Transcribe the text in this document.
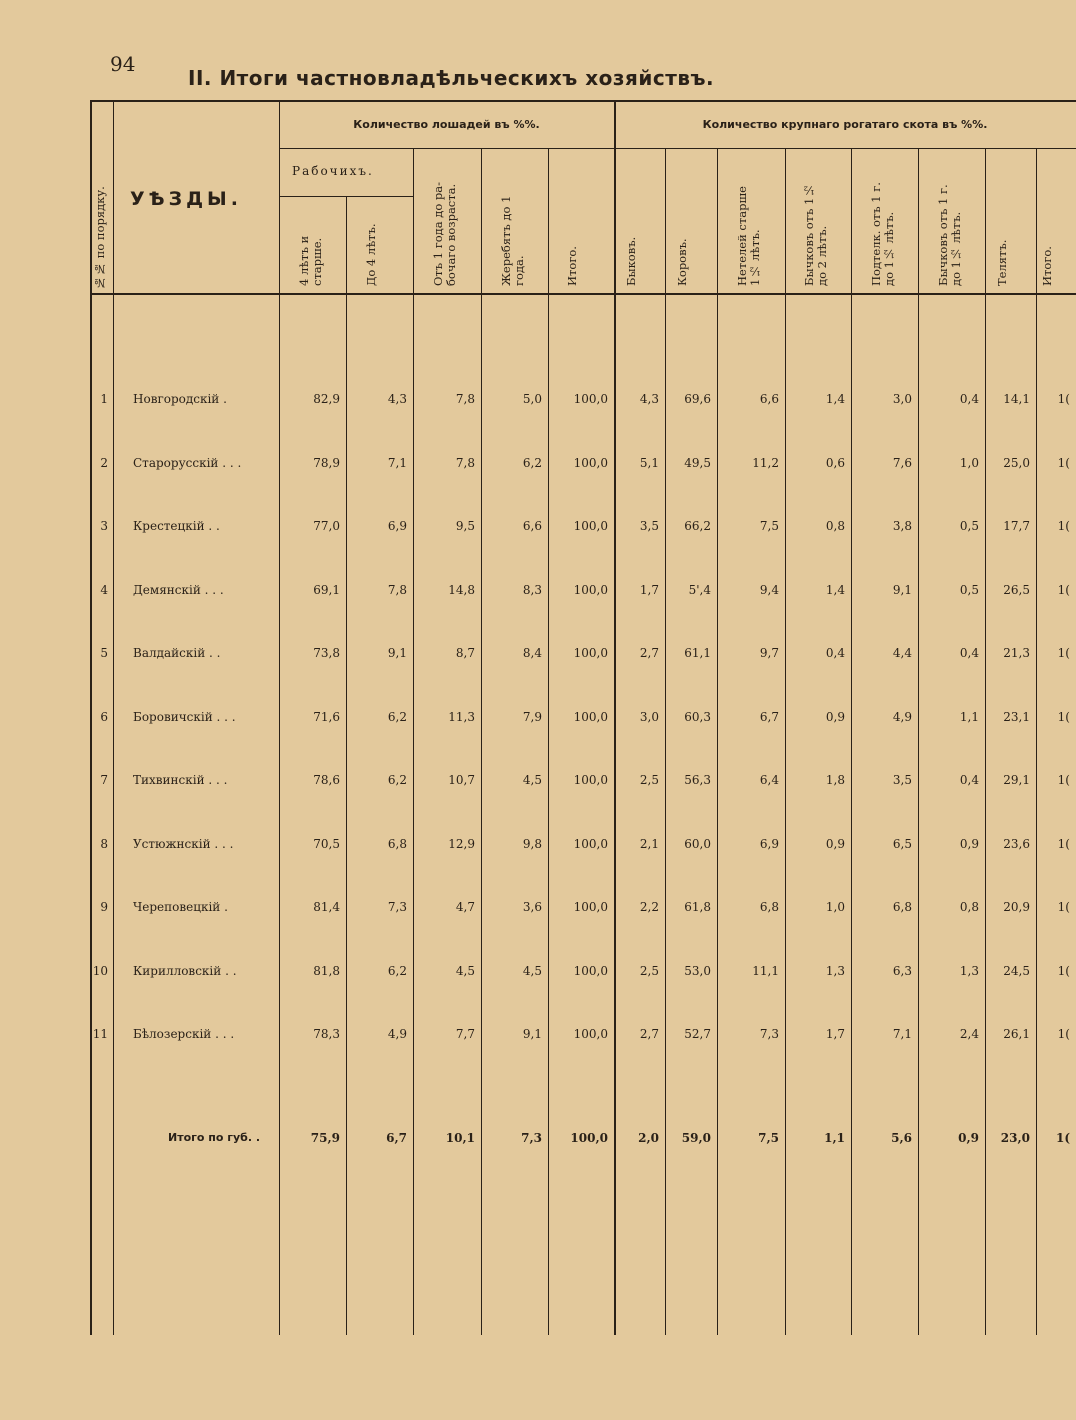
94
II. Итоги частновладѣльческихъ хозяйствъ.
Количество лошадей въ %%.	Количество крупнаго рогатаго скота въ %%.
Рабочихъ.
УѢЗДЫ.
№№ по порядку.	4 лѣтъ и
старше.	До 4 лѣтъ.	Отъ 1 года до ра-
бочаго возраста.
Жеребятъ до 1
года.	Итого.	Быковъ.	Коровъ.	Нетелей старше
1½ лѣтъ.	Бычковъ отъ 1½
до 2 лѣтъ.	Подтелк. отъ 1 г.
до 1½ лѣтъ.
Бычковъ отъ 1 г.
до 1½ лѣтъ.
Телятъ.	Итого.
1 Новгородскій .	82,9	4,3	7,8	5,0	100,0	4,3	69,6	6,6	1,4	3,0	0,4	14,1	1(
2 Старорусскій . . .	78,9	7,1	7,8	6,2	100,0	5,1	49,5	11,2	0,6	7,6	1,0	25,0	1(
3 Крестецкій . .	77,0	6,9	9,5	6,6	100,0	3,5	66,2	7,5	0,8	3,8	0,5	17,7	1(
4 Демянскій . . .	69,1	7,8	14,8	8,3	100,0	1,7	5',4	9,4	1,4	9,1	0,5	26,5	1(
5 Валдайскій . .	73,8	9,1	8,7	8,4	100,0	2,7	61,1	9,7	0,4	4,4	0,4	21,3	1(
6 Боровичскій . . .	71,6	6,2	11,3	7,9	100,0	3,0	60,3	6,7	0,9	4,9	1,1	23,1	1(
7 Тихвинскій . . .	78,6	6,2	10,7	4,5	100,0	2,5	56,3	6,4	1,8	3,5	0,4	29,1	1(
8 Устюжнскій . . .	70,5	6,8	12,9	9,8	100,0	2,1	60,0	6,9	0,9	6,5	0,9	23,6	1(
9 Череповецкій .	81,4	7,3	4,7	3,6	100,0	2,2	61,8	6,8	1,0	6,8	0,8	20,9	1(
10 Кирилловскій . .	81,8	6,2	4,5	4,5	100,0	2,5	53,0	11,1	1,3	6,3	1,3	24,5	1(
11 Бѣлозерскій . . .	78,3	4,9	7,7	9,1	100,0	2,7	52,7	7,3	1,7	7,1	2,4	26,1	1(
Итого по губ. .	75,9	6,7	10,1	7,3	100,0	2,0	59,0	7,5	1,1	5,6	0,9	23,0	1(
